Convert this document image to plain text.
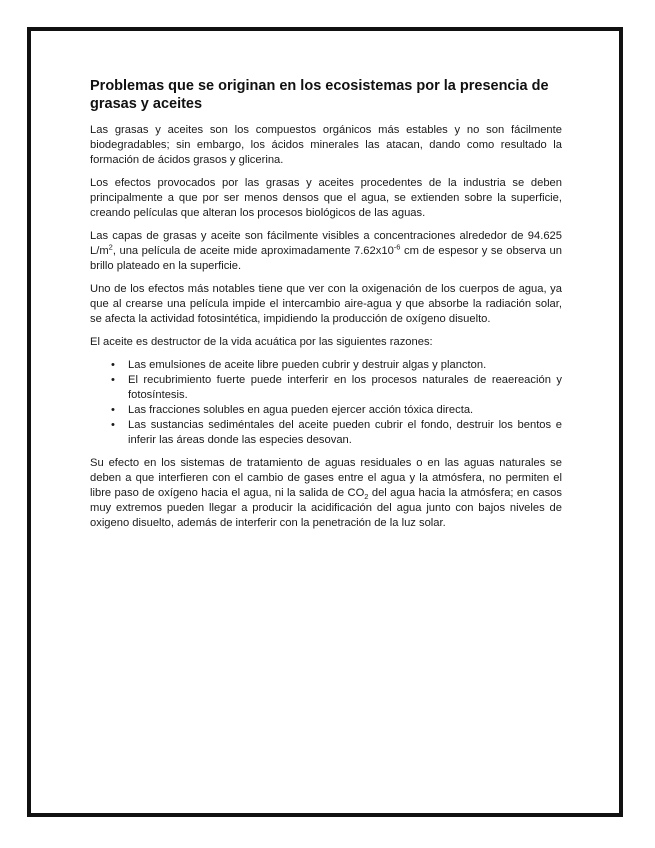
Problemas que se originan en los ecosistemas por la presencia de grasas y aceites

Las grasas y aceites son los compuestos orgánicos más estables y no son fácilmente biodegradables; sin embargo, los ácidos minerales las atacan, dando como resultado la formación de ácidos grasos y glicerina.

Los efectos provocados por las grasas y aceites procedentes de la industria se deben principalmente a que por ser menos densos que el agua, se extienden sobre la superficie, creando películas que alteran los procesos biológicos de las aguas.

Las capas de grasas y aceite son fácilmente visibles a concentraciones alrededor de 94.625 $L/m^2$, una película de aceite mide aproximadamente $7.62x10^{-6}$ cm de espesor y se observa un brillo plateado en la superficie.

Uno de los efectos más notables tiene que ver con la oxigenación de los cuerpos de agua, ya que al crearse una película impide el intercambio aire-agua y que absorbe la radiación solar, se afecta la actividad fotosintética, impidiendo la producción de oxígeno disuelto.

El aceite es destructor de la vida acuática por las siguientes razones:

• Las emulsiones de aceite libre pueden cubrir y destruir algas y plancton.
• El recubrimiento fuerte puede interferir en los procesos naturales de reaereación y fotosíntesis.
• Las fracciones solubles en agua pueden ejercer acción tóxica directa.
• Las sustancias sediméntales del aceite pueden cubrir el fondo, destruir los bentos e inferir las áreas donde las especies desovan.

Su efecto en los sistemas de tratamiento de aguas residuales o en las aguas naturales se deben a que interfieren con el cambio de gases entre el agua y la atmósfera, no permiten el libre paso de oxígeno hacia el agua, ni la salida de $CO_2$ del agua hacia la atmósfera; en casos muy extremos pueden llegar a producir la acidificación del agua junto con bajos niveles de oxigeno disuelto, además de interferir con la penetración de la luz solar.
